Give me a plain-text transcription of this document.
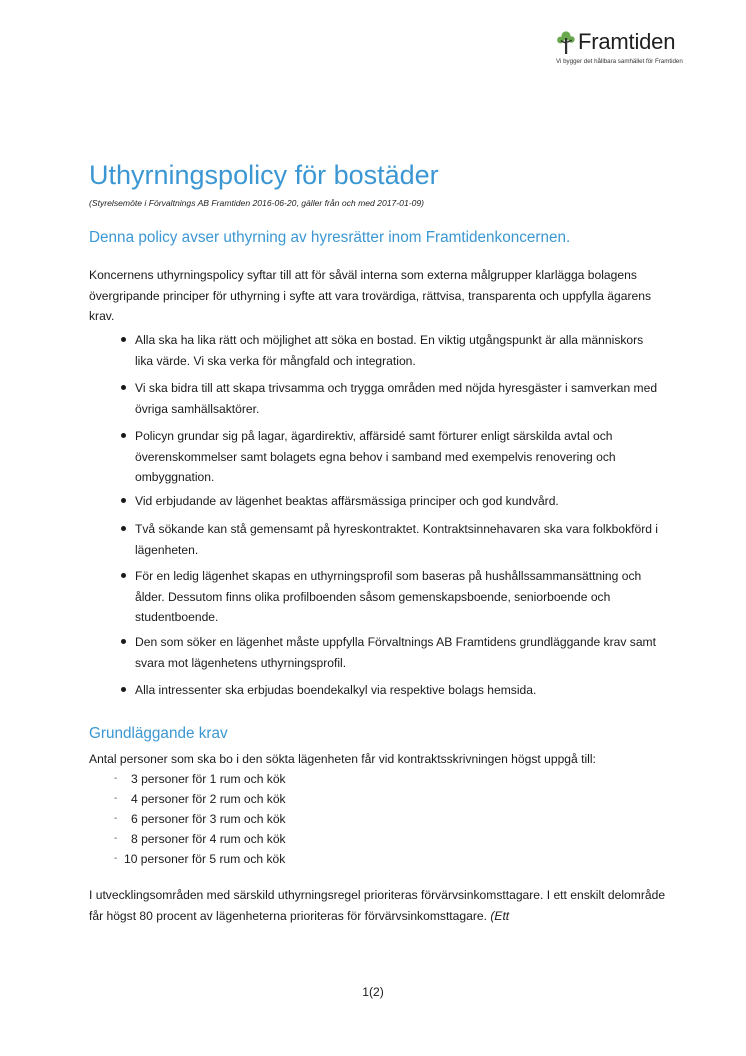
Framtiden
Vi bygger det hållbara samhället för Framtiden
Uthyrningspolicy för bostäder
(Styrelsemöte i Förvaltnings AB Framtiden 2016-06-20, gäller från och med 2017-01-09)
Denna policy avser uthyrning av hyresrätter inom Framtidenkoncernen.
Koncernens uthyrningspolicy syftar till att för såväl interna som externa målgrupper klarlägga bolagens övergripande principer för uthyrning i syfte att vara trovärdiga, rättvisa, transparenta och uppfylla ägarens krav.
Alla ska ha lika rätt och möjlighet att söka en bostad. En viktig utgångspunkt är alla människors lika värde. Vi ska verka för mångfald och integration.
Vi ska bidra till att skapa trivsamma och trygga områden med nöjda hyresgäster i samverkan med övriga samhällsaktörer.
Policyn grundar sig på lagar, ägardirektiv, affärsidé samt förturer enligt särskilda avtal och överenskommelser samt bolagets egna behov i samband med exempelvis renovering och ombyggnation.
Vid erbjudande av lägenhet beaktas affärsmässiga principer och god kundvård.
Två sökande kan stå gemensamt på hyreskontraktet. Kontraktsinnehavaren ska vara folkbokförd i lägenheten.
För en ledig lägenhet skapas en uthyrningsprofil som baseras på hushållssammansättning och ålder. Dessutom finns olika profilboenden såsom gemenskapsboende, seniorboende och studentboende.
Den som söker en lägenhet måste uppfylla Förvaltnings AB Framtidens grundläggande krav samt svara mot lägenhetens uthyrningsprofil.
Alla intressenter ska erbjudas boendekalkyl via respektive bolags hemsida.
Grundläggande krav
Antal personer som ska bo i den sökta lägenheten får vid kontraktsskrivningen högst uppgå till:
- 3 personer för 1 rum och kök
- 4 personer för 2 rum och kök
- 6 personer för 3 rum och kök
- 8 personer för 4 rum och kök
- 10 personer för 5 rum och kök
I utvecklingsområden med särskild uthyrningsregel prioriteras förvärvsinkomsttagare. I ett enskilt delområde får högst 80 procent av lägenheterna prioriteras för förvärvsinkomsttagare. (Ett
1(2)
